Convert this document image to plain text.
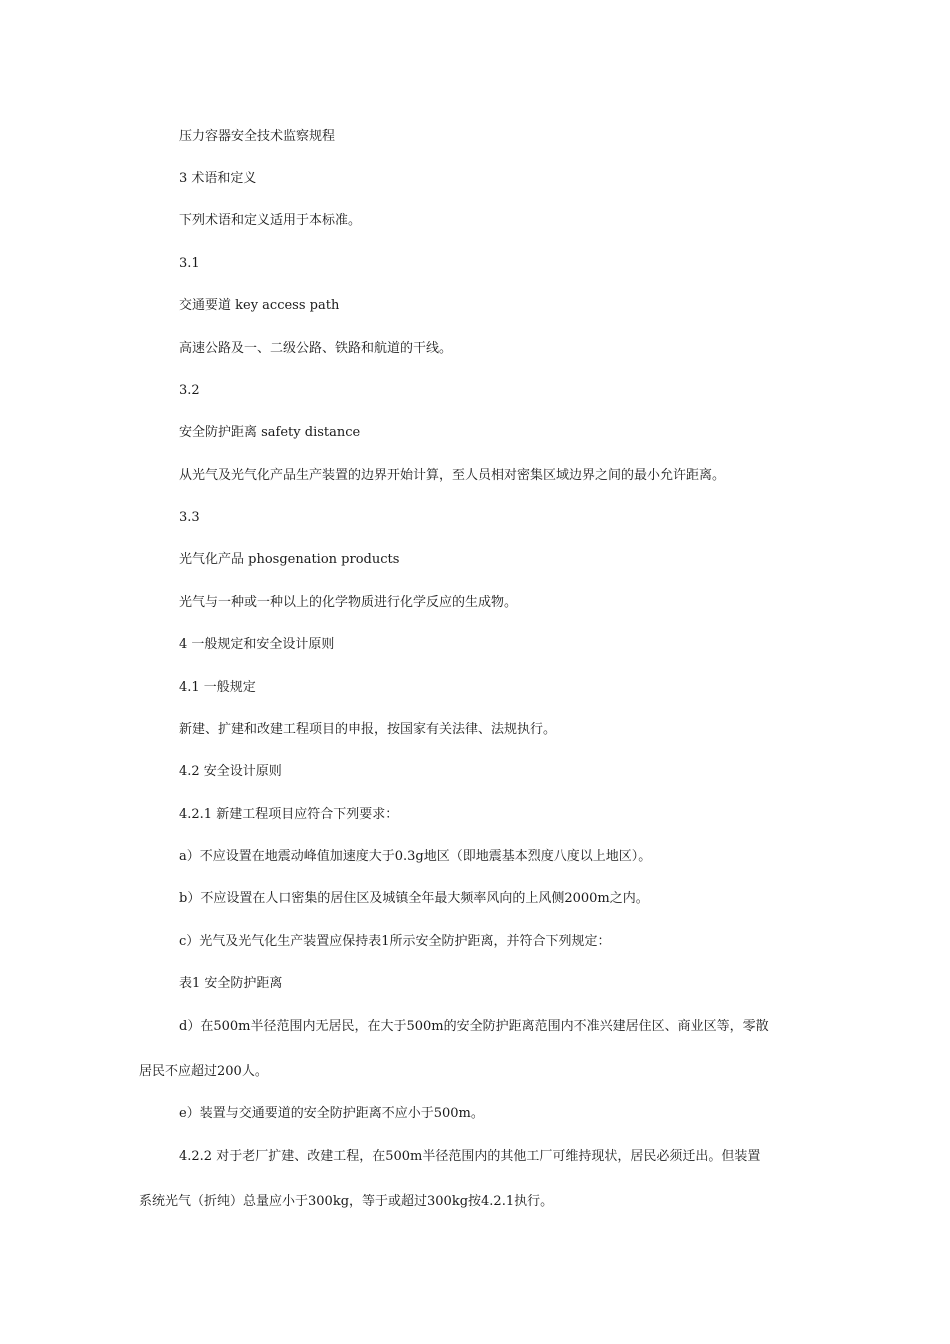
压力容器安全技术监察规程
3 术语和定义
下列术语和定义适用于本标准。
3.1
交通要道 key access path
高速公路及一、二级公路、铁路和航道的干线。
3.2
安全防护距离 safety distance
从光气及光气化产品生产装置的边界开始计算，至人员相对密集区域边界之间的最小允许距离。
3.3
光气化产品 phosgenation products
光气与一种或一种以上的化学物质进行化学反应的生成物。
4 一般规定和安全设计原则
4.1 一般规定
新建、扩建和改建工程项目的申报，按国家有关法律、法规执行。
4.2 安全设计原则
4.2.1 新建工程项目应符合下列要求：
a）不应设置在地震动峰值加速度大于0.3g地区（即地震基本烈度八度以上地区）。
b）不应设置在人口密集的居住区及城镇全年最大频率风向的上风侧2000m之内。
c）光气及光气化生产装置应保持表1所示安全防护距离，并符合下列规定：
表1 安全防护距离
d）在500m半径范围内无居民，在大于500m的安全防护距离范围内不准兴建居住区、商业区等，零散
居民不应超过200人。
e）装置与交通要道的安全防护距离不应小于500m。
4.2.2 对于老厂扩建、改建工程，在500m半径范围内的其他工厂可维持现状，居民必须迁出。但装置
系统光气（折纯）总量应小于300kg，等于或超过300kg按4.2.1执行。
